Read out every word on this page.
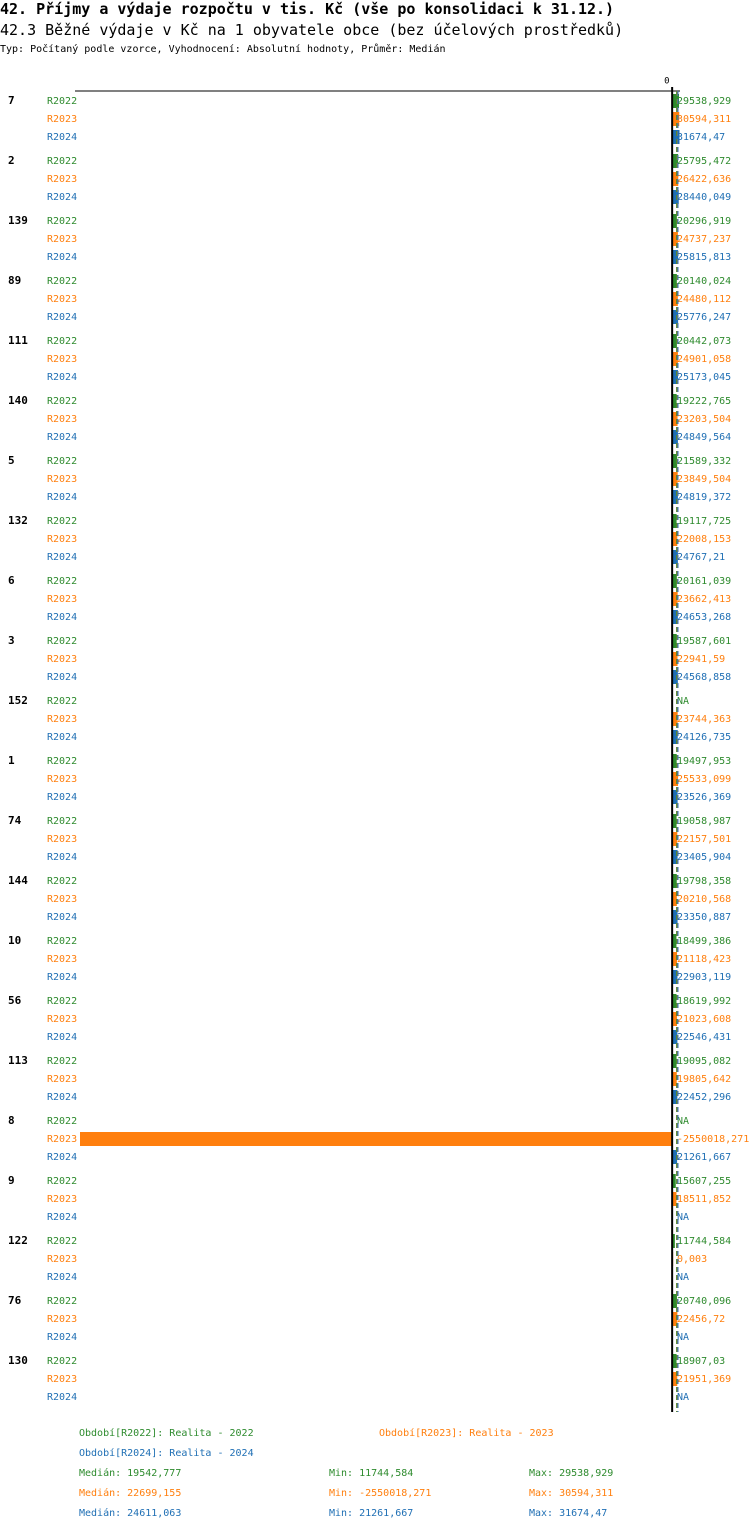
42. Příjmy a výdaje rozpočtu v tis. Kč (vše po konsolidaci k 31.12.)
42.3 Běžné výdaje v Kč na 1 obyvatele obce (bez účelových prostředků)
Typ: Počítaný podle vzorce, Vyhodnocení: Absolutní hodnoty, Průměr: Medián
0
7	R2022	29538,929
R2023	30594,311
R2024	31674,47
2	R2022	25795,472
R2023	26422,636
R2024	28440,049
139 R2022	20296,919
R2023	24737,237
R2024	25815,813
89	R2022	20140,024
R2023	24480,112
R2024	25776,247
111 R2022	20442,073
R2023	24901,058
R2024	25173,045
140 R2022	19222,765
R2023	23203,504
R2024	24849,564
5	R2022	21589,332
R2023	23849,504
R2024	24819,372
132 R2022	19117,725
R2023	22008,153
R2024	24767,21
6	R2022	20161,039
R2023	23662,413
R2024	24653,268
3	R2022	19587,601
R2023	22941,59
R2024	24568,858
152 R2022	NA
R2023	23744,363
R2024	24126,735
1	R2022	19497,953
R2023	25533,099
R2024	23526,369
74	R2022	19058,987
R2023	22157,501
R2024	23405,904
144 R2022	19798,358
R2023	20210,568
R2024	23350,887
10	R2022	18499,386
R2023	21118,423
R2024	22903,119
56	R2022	18619,992
R2023	21023,608
R2024	22546,431
113 R2022	19095,082
R2023	19805,642
R2024	22452,296
8	R2022	NA
R2023	-2550018,271
R2024	21261,667
9	R2022	15607,255
R2023	18511,852
R2024	NA
122 R2022	11744,584
R2023	0,003
R2024	NA
76	R2022	20740,096
R2023	22456,72
R2024	NA
130 R2022	18907,03
R2023	21951,369
R2024	NA
Období[R2022]: Realita - 2022	Období[R2023]: Realita - 2023
Období[R2024]: Realita - 2024
Medián: 19542,777	Min: 11744,584	Max: 29538,929
Medián: 22699,155	Min: -2550018,271	Max: 30594,311
Medián: 24611,063	Min: 21261,667	Max: 31674,47
